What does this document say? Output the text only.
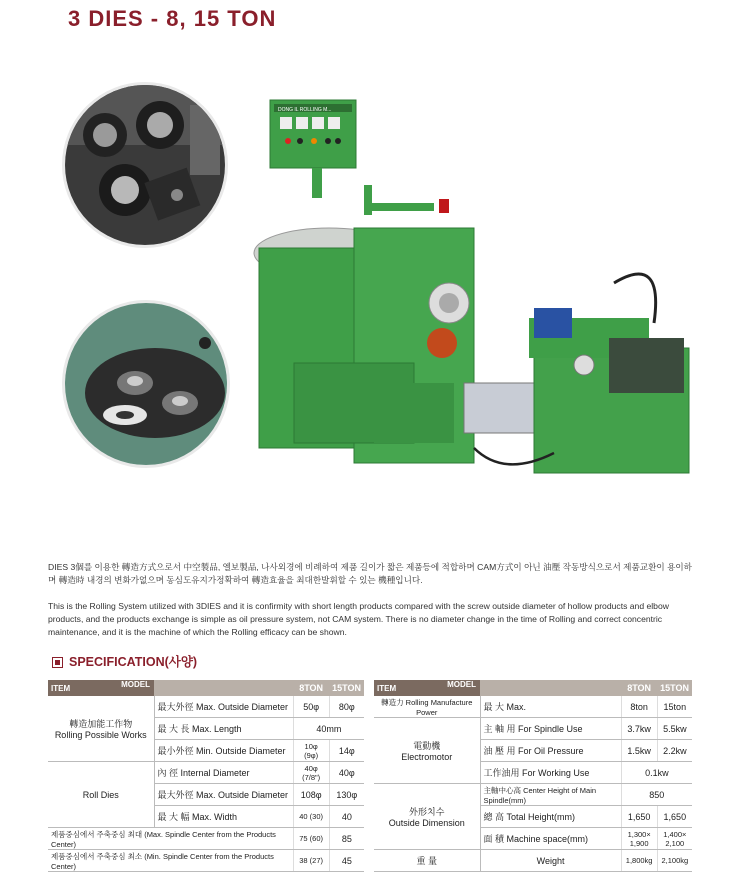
3 DIES - 8, 15 TON
DONG IL ROLLING M...
DIES 3個를 이용한 轉造方式으로서 中空製品, 엘보製品, 나사외경에 비례하여 제품 길이가 짧은 제품등에 적합하며 CAM方式이 아닌 油壓 작동방식으로서 제품교환이 용이하며 轉造時 내경의 변화가없으며 동심도유지가정확하여 轉造효율을 최대한발휘할 수 있는 機種입니다.
This is the Rolling System utilized with 3DIES and it is confirmity with short length products compared with the screw outside diameter of hollow products and elbow products, and the products exchange is simple as oil pressure system, not CAM system. There is no diameter change in the time of Rolling and correct concentric maintenance, and it is the machine of which the Rolling efficacy can be shown.
SPECIFICATION(사양)
ITEM MODEL		8TON	15TON

轉造加能工作物
Rolling Possible Works	最大外徑 Max. Outside Diameter	50φ	80φ
	最 大 長 Max. Length	40mm	
	最小外徑 Min. Outside Diameter	10φ (9φ)	14φ
Roll Dies	內 徑 Internal Diameter	40φ (7/8")	40φ
	最大外徑 Max. Outside Diameter	108φ	130φ
	最 大 幅 Max. Width	40 (30)	40
제품중심에서 주축중심 최대 (Max. Spindle Center from the Products Center)		75 (60)	85
제품중심에서 주축중심 최소 (Min. Spindle Center from the Products Center)		38 (27)	45
ITEM MODEL		8TON	15TON
轉造力 Rolling Manufacture Power	最 大 Max.	8ton	15ton

電動機
Electromotor	主 軸 用 For Spindle Use	3.7kw	5.5kw
	油 壓 用 For Oil Pressure	1.5kw	2.2kw
	工作油用 For Working Use	0.1kw	

外形치수
Outside Dimension	主軸中心高 Center Height of Main Spindle(mm)	850	
	總 高 Total Height(mm)	1,650	1,650
	面 積 Machine space(mm)	1,300× 1,900	1,400× 2,100
重 量	Weight	1,800kg	2,100kg
